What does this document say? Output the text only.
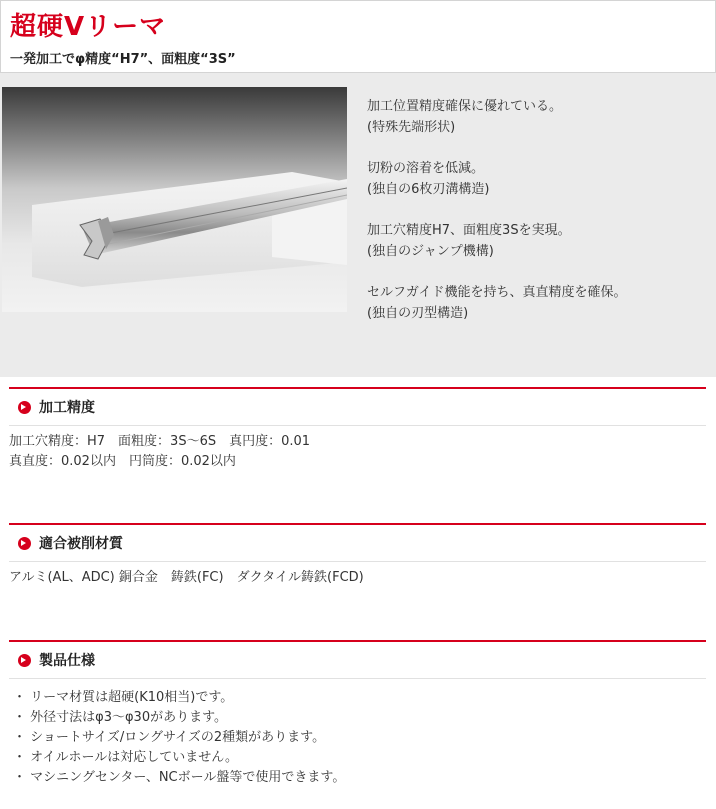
超硬Vリーマ
一発加工でφ精度“H7”、面粗度“3S”
加工位置精度確保に優れている。
(特殊先端形状)
切粉の溶着を低減。
(独自の6枚刃溝構造)
加工穴精度H7、面粗度3Sを実現。
(独自のジャンプ機構)
セルフガイド機能を持ち、真直精度を確保。
(独自の刃型構造)
加工精度
加工穴精度：H7　面粗度：3S～6S　真円度：0.01
真直度：0.02以内　円筒度：0.02以内
適合被削材質
アルミ(AL、ADC) 銅合金　鋳鉄(FC)　ダクタイル鋳鉄(FCD)
製品仕様
・ リーマ材質は超硬(K10相当)です。
・ 外径寸法はφ3～φ30があります。
・ ショートサイズ/ロングサイズの2種類があります。
・ オイルホールは対応していません。
・ マシニングセンター、NCボール盤等で使用できます。
